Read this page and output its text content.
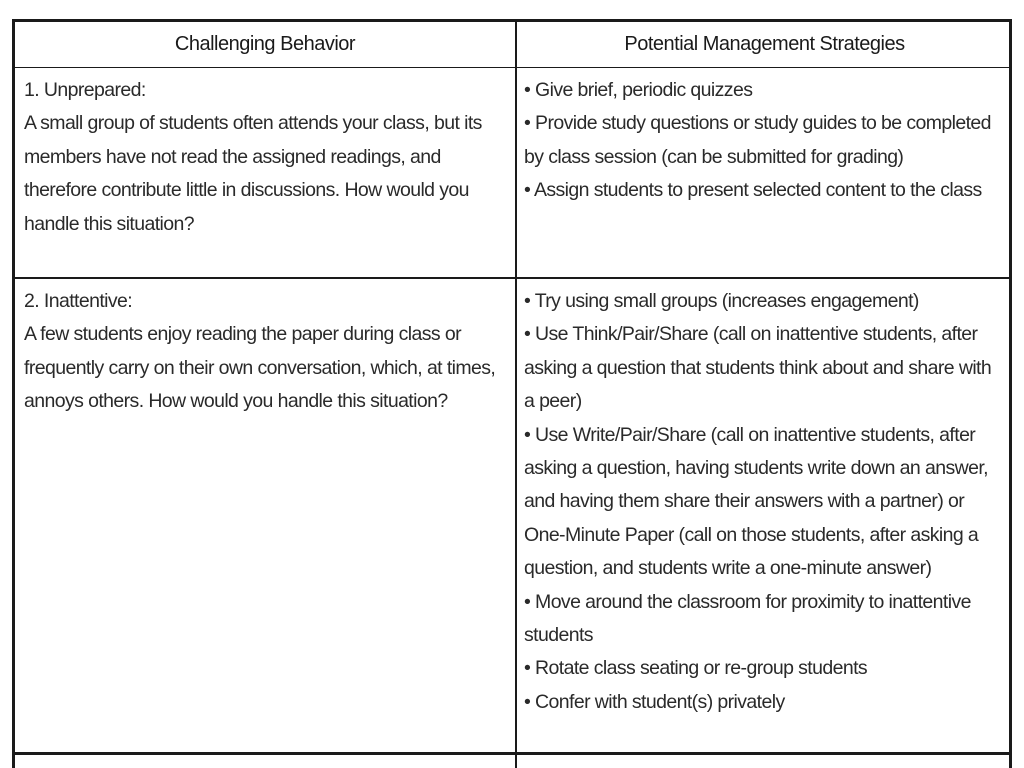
Challenging Behavior	Potential Management Strategies
1. Unprepared:
A small group of students often attends your class, but its members have not read the assigned readings, and therefore contribute little in discussions. How would you handle this situation?
• Give brief, periodic quizzes
• Provide study questions or study guides to be completed by class session (can be submitted for grading)
• Assign students to present selected content to the class
2. Inattentive:
A few students enjoy reading the paper during class or frequently carry on their own conversation, which, at times, annoys others. How would you handle this situation?
• Try using small groups (increases engagement)
• Use Think/Pair/Share (call on inattentive students, after asking a question that students think about and share with a peer)
• Use Write/Pair/Share (call on inattentive students, after asking a question, having students write down an answer, and having them share their answers with a partner) or One-Minute Paper (call on those students, after asking a question, and students write a one-minute answer)
• Move around the classroom for proximity to inattentive students
• Rotate class seating or re-group students
• Confer with student(s) privately
